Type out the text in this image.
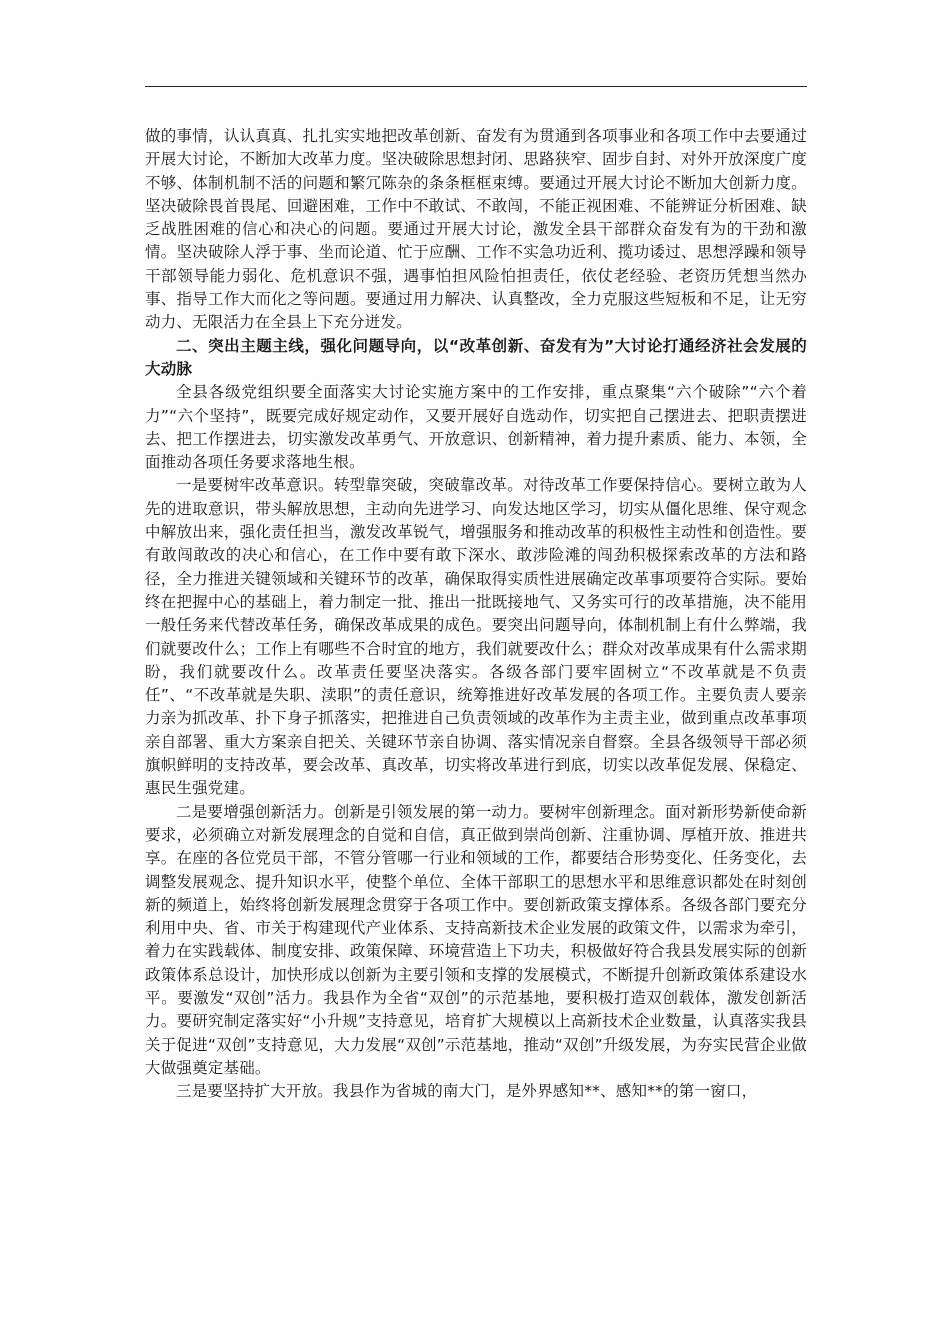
做的事情，认认真真、扎扎实实地把改革创新、奋发有为贯通到各项事业和各项工作中去要通过开展大讨论，不断加大改革力度。坚决破除思想封闭、思路狭窄、固步自封、对外开放深度广度不够、体制机制不活的问题和繁冗陈杂的条条框框束缚。要通过开展大讨论不断加大创新力度。坚决破除畏首畏尾、回避困难，工作中不敢试、不敢闯，不能正视困难、不能辨证分析困难、缺乏战胜困难的信心和决心的问题。要通过开展大讨论，激发全县干部群众奋发有为的干劲和激情。坚决破除人浮于事、坐而论道、忙于应酬、工作不实急功近利、揽功诿过、思想浮躁和领导干部领导能力弱化、危机意识不强，遇事怕担风险怕担责任，依仗老经验、老资历凭想当然办事、指导工作大而化之等问题。要通过用力解决、认真整改，全力克服这些短板和不足，让无穷动力、无限活力在全县上下充分迸发。

二、突出主题主线，强化问题导向，以“改革创新、奋发有为”大讨论打通经济社会发展的大动脉

全县各级党组织要全面落实大讨论实施方案中的工作安排，重点聚集“六个破除”“六个着力”“六个坚持”，既要完成好规定动作，又要开展好自选动作，切实把自己摆进去、把职责摆进去、把工作摆进去，切实激发改革勇气、开放意识、创新精神，着力提升素质、能力、本领，全面推动各项任务要求落地生根。

一是要树牢改革意识。转型靠突破，突破靠改革。对待改革工作要保持信心。要树立敢为人先的进取意识，带头解放思想，主动向先进学习、向发达地区学习，切实从僵化思维、保守观念中解放出来，强化责任担当，激发改革锐气，增强服务和推动改革的积极性主动性和创造性。要有敢闯敢改的决心和信心，在工作中要有敢下深水、敢涉险滩的闯劲积极探索改革的方法和路径，全力推进关键领域和关键环节的改革，确保取得实质性进展确定改革事项要符合实际。要始终在把握中心的基础上，着力制定一批、推出一批既接地气、又务实可行的改革措施，决不能用一般任务来代替改革任务，确保改革成果的成色。要突出问题导向，体制机制上有什么弊端，我们就要改什么；工作上有哪些不合时宜的地方，我们就要改什么；群众对改革成果有什么需求期盼，我们就要改什么。改革责任要坚决落实。各级各部门要牢固树立“不改革就是不负责任”、“不改革就是失职、渎职”的责任意识，统筹推进好改革发展的各项工作。主要负责人要亲力亲为抓改革、扑下身子抓落实，把推进自己负责领域的改革作为主责主业，做到重点改革事项亲自部署、重大方案亲自把关、关键环节亲自协调、落实情况亲自督察。全县各级领导干部必须旗帜鲜明的支持改革，要会改革、真改革，切实将改革进行到底，切实以改革促发展、保稳定、惠民生强党建。

二是要增强创新活力。创新是引领发展的第一动力。要树牢创新理念。面对新形势新使命新要求，必须确立对新发展理念的自觉和自信，真正做到崇尚创新、注重协调、厚植开放、推进共享。在座的各位党员干部，不管分管哪一行业和领域的工作，都要结合形势变化、任务变化，去调整发展观念、提升知识水平，使整个单位、全体干部职工的思想水平和思维意识都处在时刻创新的频道上，始终将创新发展理念贯穿于各项工作中。要创新政策支撑体系。各级各部门要充分利用中央、省、市关于构建现代产业体系、支持高新技术企业发展的政策文件，以需求为牵引，着力在实践载体、制度安排、政策保障、环境营造上下功夫，积极做好符合我县发展实际的创新政策体系总设计，加快形成以创新为主要引领和支撑的发展模式，不断提升创新政策体系建设水平。要激发“双创”活力。我县作为全省“双创”的示范基地，要积极打造双创载体，激发创新活力。要研究制定落实好“小升规”支持意见，培育扩大规模以上高新技术企业数量，认真落实我县关于促进“双创”支持意见，大力发展“双创”示范基地，推动“双创”升级发展，为夯实民营企业做大做强奠定基础。

三是要坚持扩大开放。我县作为省城的南大门，是外界感知**、感知**的第一窗口，
